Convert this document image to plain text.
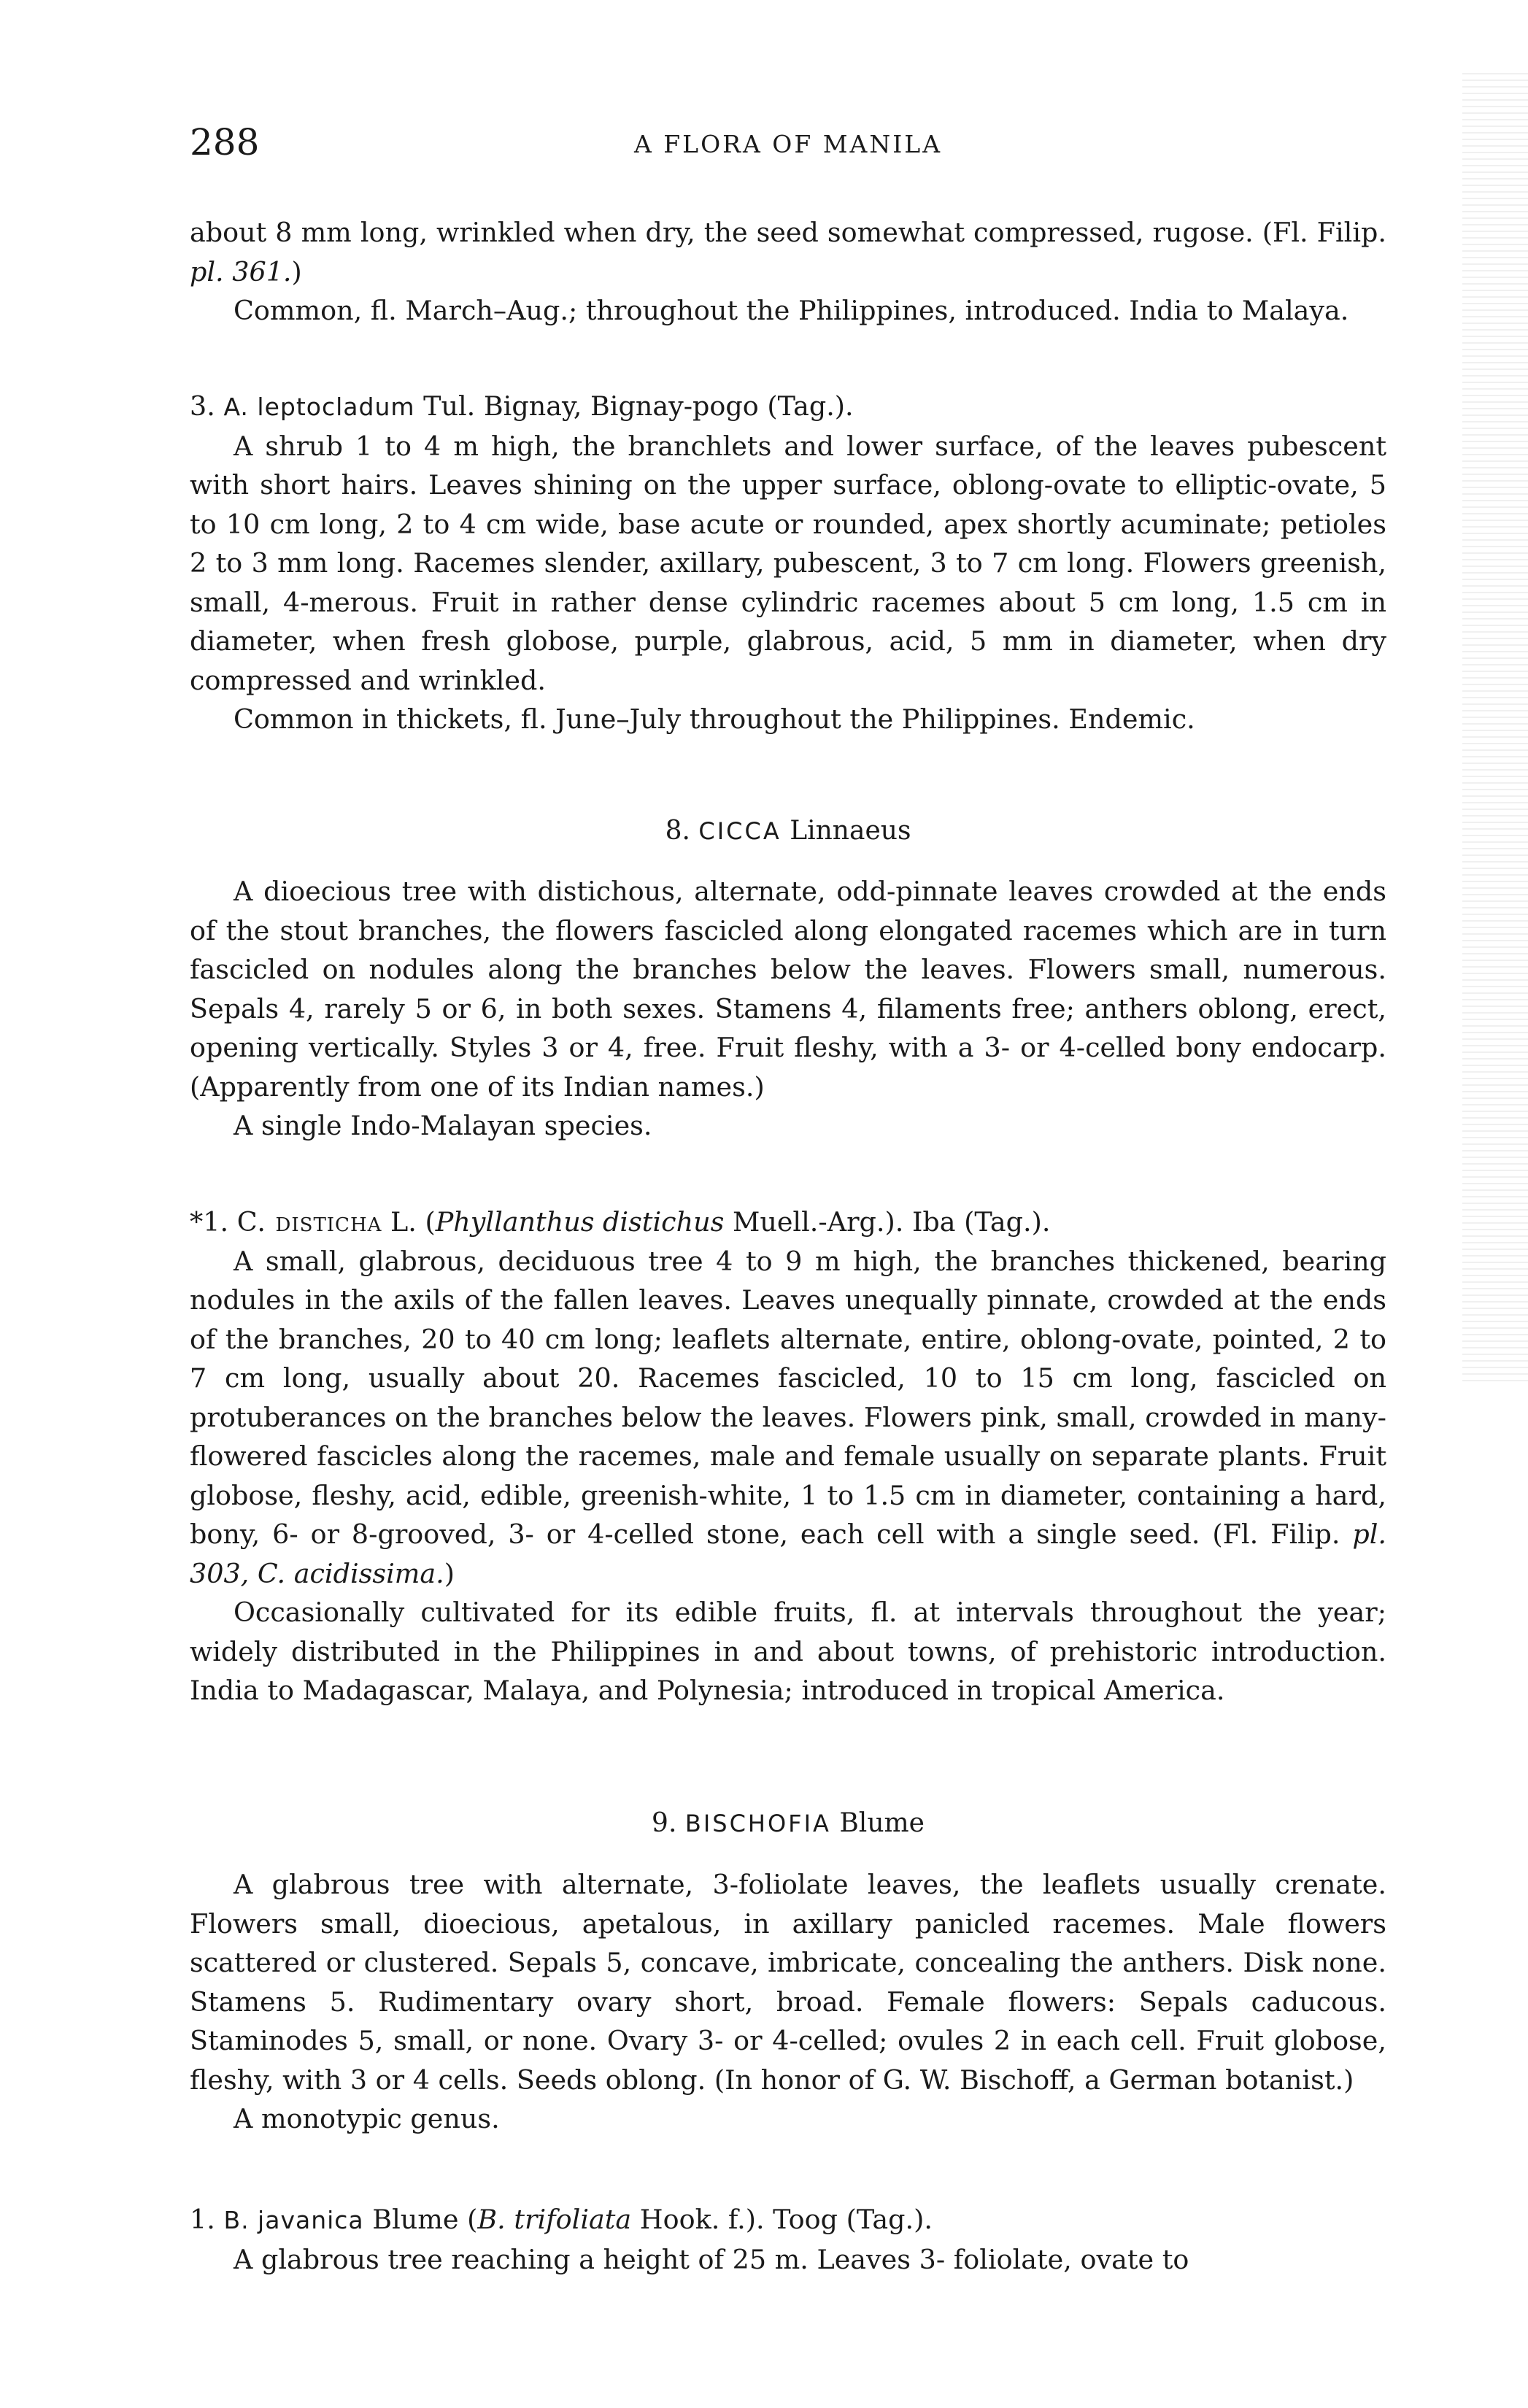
288	A FLORA OF MANILA

about 8 mm long, wrinkled when dry, the seed somewhat compressed, rugose. (Fl. Filip. pl. 361.)

Common, fl. March–Aug.; throughout the Philippines, introduced. India to Malaya.

3. A. leptocladum Tul. Bignay, Bignay-pogo (Tag.).

A shrub 1 to 4 m high, the branchlets and lower surface, of the leaves pubescent with short hairs. Leaves shining on the upper surface, oblong-ovate to elliptic-ovate, 5 to 10 cm long, 2 to 4 cm wide, base acute or rounded, apex shortly acuminate; petioles 2 to 3 mm long. Racemes slender, axillary, pubescent, 3 to 7 cm long. Flowers greenish, small, 4-merous. Fruit in rather dense cylindric racemes about 5 cm long, 1.5 cm in diameter, when fresh globose, purple, glabrous, acid, 5 mm in diameter, when dry compressed and wrinkled.

Common in thickets, fl. June–July throughout the Philippines. Endemic.

8. CICCA Linnaeus

A dioecious tree with distichous, alternate, odd-pinnate leaves crowded at the ends of the stout branches, the flowers fascicled along elongated racemes which are in turn fascicled on nodules along the branches below the leaves. Flowers small, numerous. Sepals 4, rarely 5 or 6, in both sexes. Stamens 4, filaments free; anthers oblong, erect, opening vertically. Styles 3 or 4, free. Fruit fleshy, with a 3- or 4-celled bony endocarp. (Apparently from one of its Indian names.)

A single Indo-Malayan species.

*1. C. disticha L. (Phyllanthus distichus Muell.-Arg.). Iba (Tag.).

A small, glabrous, deciduous tree 4 to 9 m high, the branches thickened, bearing nodules in the axils of the fallen leaves. Leaves unequally pinnate, crowded at the ends of the branches, 20 to 40 cm long; leaflets alternate, entire, oblong-ovate, pointed, 2 to 7 cm long, usually about 20. Racemes fascicled, 10 to 15 cm long, fascicled on protuberances on the branches below the leaves. Flowers pink, small, crowded in many-flowered fascicles along the racemes, male and female usually on separate plants. Fruit globose, fleshy, acid, edible, greenish-white, 1 to 1.5 cm in diameter, containing a hard, bony, 6- or 8-grooved, 3- or 4-celled stone, each cell with a single seed. (Fl. Filip. pl. 303, C. acidissima.)

Occasionally cultivated for its edible fruits, fl. at intervals throughout the year; widely distributed in the Philippines in and about towns, of prehistoric introduction. India to Madagascar, Malaya, and Polynesia; introduced in tropical America.

9. BISCHOFIA Blume

A glabrous tree with alternate, 3-foliolate leaves, the leaflets usually crenate. Flowers small, dioecious, apetalous, in axillary panicled racemes. Male flowers scattered or clustered. Sepals 5, concave, imbricate, concealing the anthers. Disk none. Stamens 5. Rudimentary ovary short, broad. Female flowers: Sepals caducous. Staminodes 5, small, or none. Ovary 3- or 4-celled; ovules 2 in each cell. Fruit globose, fleshy, with 3 or 4 cells. Seeds oblong. (In honor of G. W. Bischoff, a German botanist.)

A monotypic genus.

1. B. javanica Blume (B. trifoliata Hook. f.). Toog (Tag.).

A glabrous tree reaching a height of 25 m. Leaves 3- foliolate, ovate to
